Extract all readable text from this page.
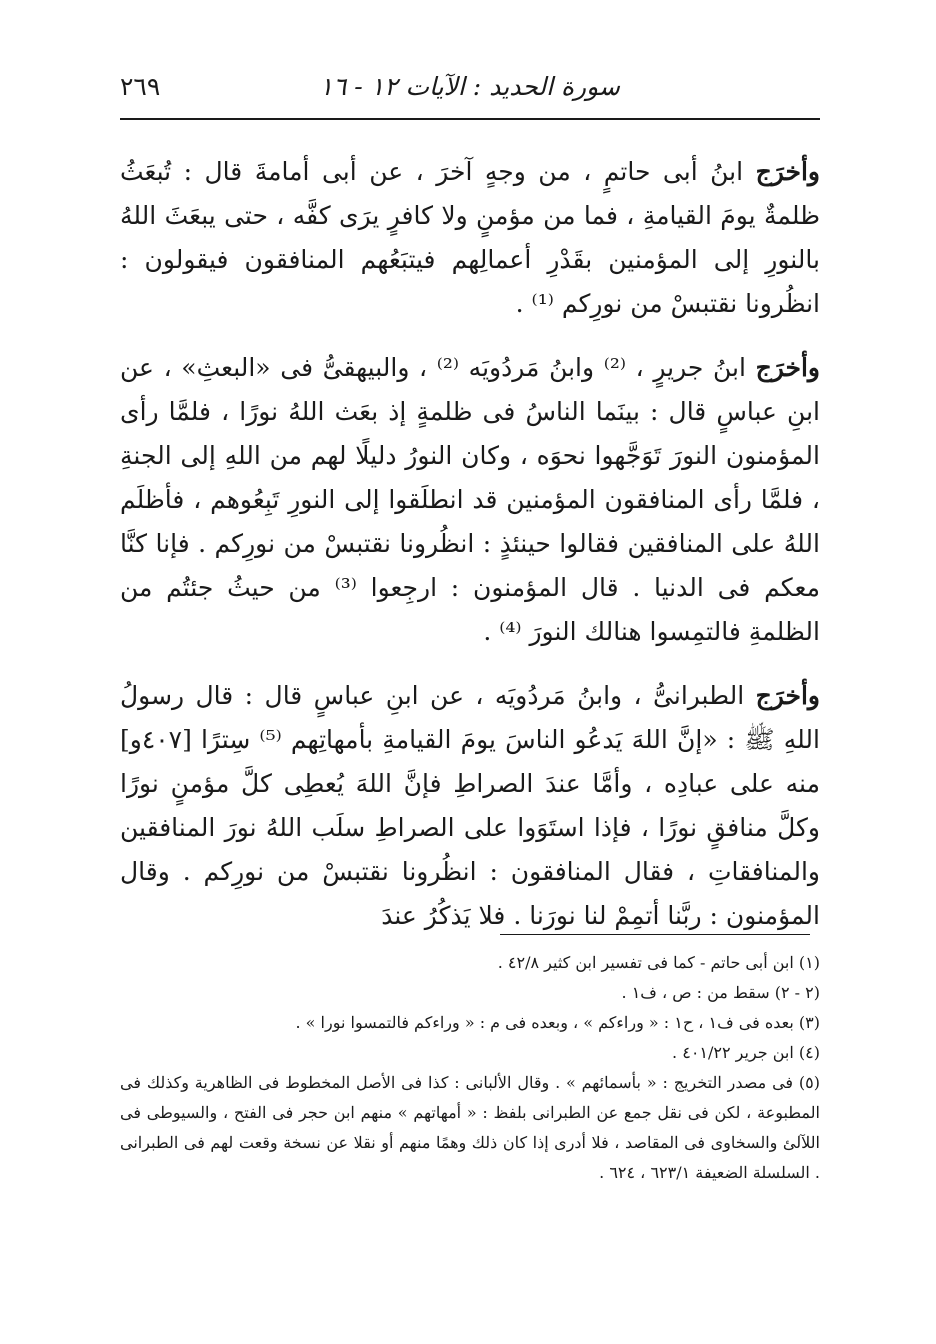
سورة الحديد : الآيات ١٢ - ١٦
٢٦٩

وأخرَج ابنُ أبى حاتمٍ ، من وجهٍ آخرَ ، عن أبى أمامةَ قال : تُبعَثُ ظلمةٌ يومَ القيامةِ ، فما من مؤمنٍ ولا كافرٍ يرَى كفَّه ، حتى يبعَثَ اللهُ بالنورِ إلى المؤمنين بقَدْرِ أعمالِهم فيتبَعُهم المنافقون فيقولون : انظُرونا نقتبسْ من نورِكم ⁽¹⁾ .

وأخرَج ابنُ جريرٍ ، ⁽²⁾ وابنُ مَردُويَه ⁽²⁾ ، والبيهقىُّ فى «البعثِ» ، عن ابنِ عباسٍ قال : بينَما الناسُ فى ظلمةٍ إذ بعَث اللهُ نورًا ، فلمَّا رأى المؤمنون النورَ تَوَجَّهوا نحوَه ، وكان النورُ دليلًا لهم من اللهِ إلى الجنةِ ، فلمَّا رأى المنافقون المؤمنين قد انطلَقوا إلى النورِ تَبِعُوهم ، فأظلَم اللهُ على المنافقين فقالوا حينئذٍ : انظُرونا نقتبسْ من نورِكم . فإنا كنَّا معكم فى الدنيا . قال المؤمنون : ارجِعوا ⁽³⁾ من حيثُ جئتُم من الظلمةِ فالتمِسوا هنالك النورَ ⁽⁴⁾ .

وأخرَج الطبرانىُّ ، وابنُ مَردُويَه ، عن ابنِ عباسٍ قال : قال رسولُ اللهِ ﷺ : «إنَّ اللهَ يَدعُو الناسَ يومَ القيامةِ بأمهاتِهم ⁽⁵⁾ سِترًا [٤٠٧و] منه على عبادِه ، وأمَّا عندَ الصراطِ فإنَّ اللهَ يُعطِى كلَّ مؤمنٍ نورًا وكلَّ منافقٍ نورًا ، فإذا استَوَوا على الصراطِ سلَب اللهُ نورَ المنافقين والمنافقاتِ ، فقال المنافقون : انظُرونا نقتبسْ من نورِكم . وقال المؤمنون : ربَّنا أتمِمْ لنا نورَنا . فلا يَذكُرُ عندَ

(١) ابن أبى حاتم - كما فى تفسير ابن كثير ٤٢/٨ .

(٢ - ٢) سقط من : ص ، ف١ .

(٣) بعده فى ف١ ، ح١ : « وراءكم » ، وبعده فى م : « وراءكم فالتمسوا نورا » .

(٤) ابن جرير ٤٠١/٢٢ .

(٥) فى مصدر التخريج : « بأسمائهم » . وقال الألبانى : كذا فى الأصل المخطوط فى الظاهرية وكذلك فى المطبوعة ، لكن فى نقل جمع عن الطبرانى بلفظ : « أمهاتهم » منهم ابن حجر فى الفتح ، والسيوطى فى اللآلئ والسخاوى فى المقاصد ، فلا أدرى إذا كان ذلك وهمًا منهم أو نقلا عن نسخة وقعت لهم فى الطبرانى . السلسلة الضعيفة ٦٢٣/١ ، ٦٢٤ .
